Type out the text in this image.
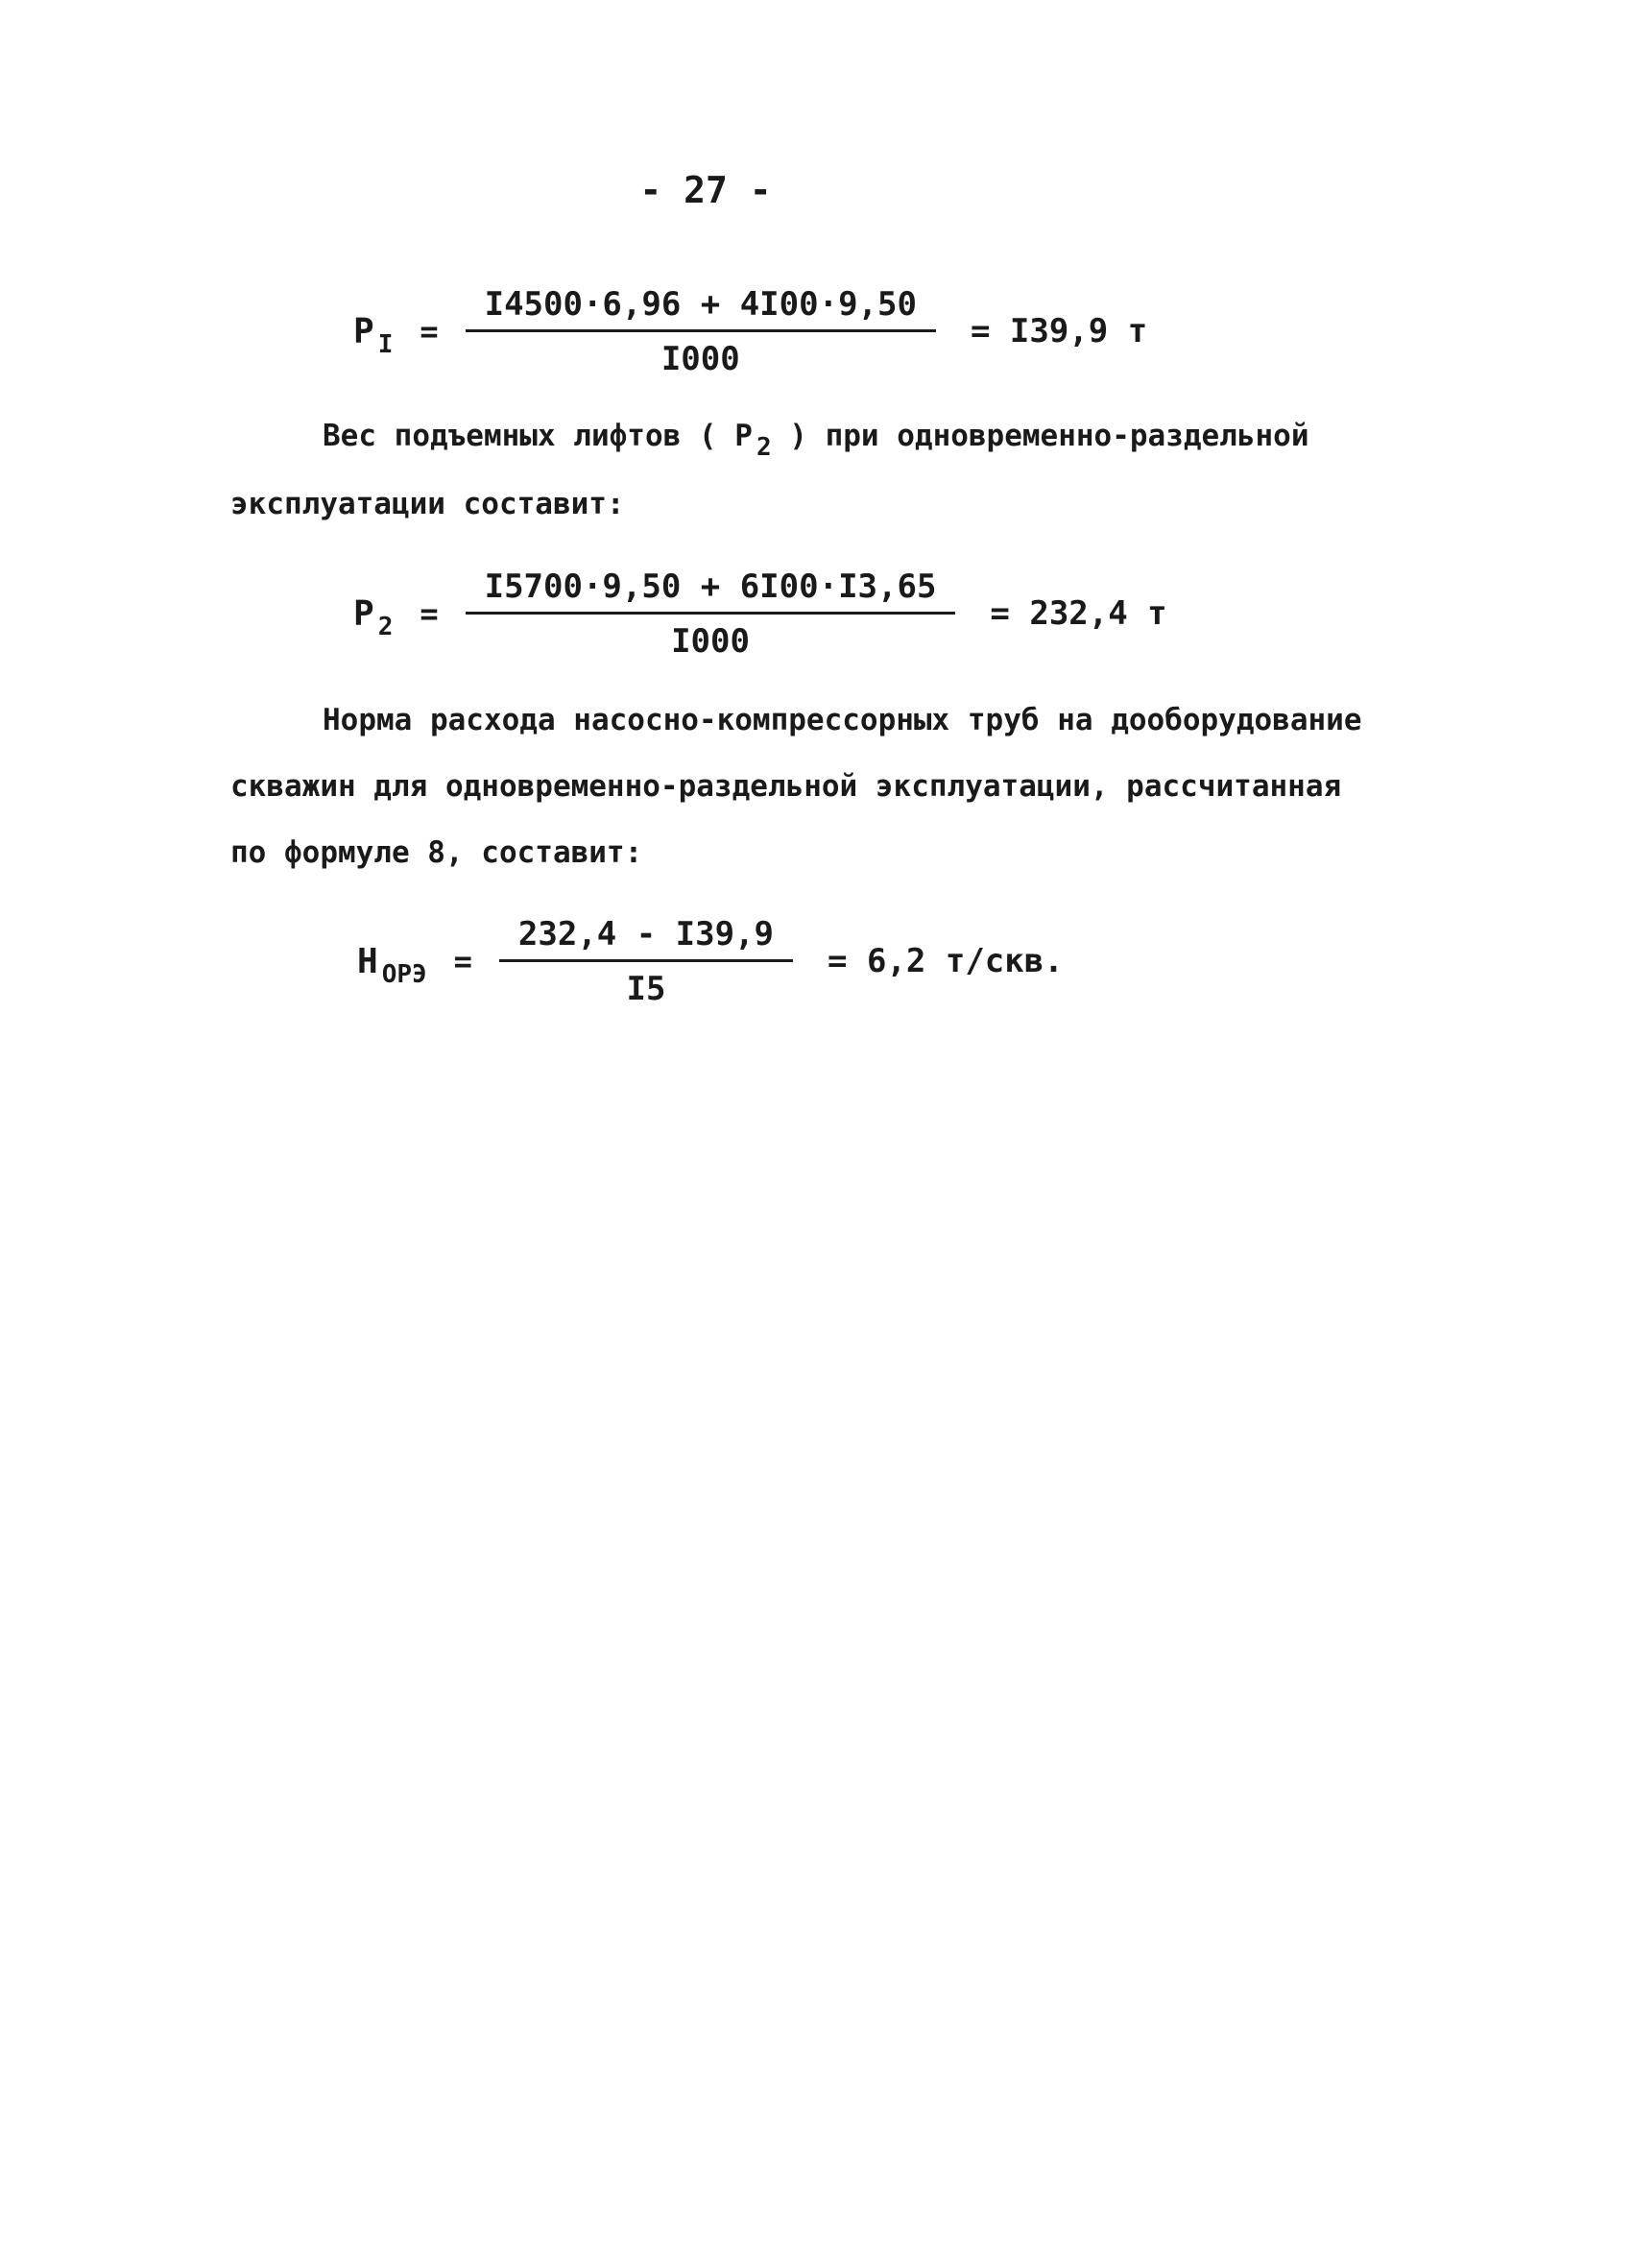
- 27 -
P $I = \frac{I4500\cdot 6,96 + 4I00\cdot 9,50}{I000} = I39,9$ т

Вес подъемных лифтов ( Р $_2$ ) при одновременно-раздельной
эксплуатации составит:

P $2 = \frac{I5700\cdot 9,50 + 6I00\cdot I3,65}{I000} = 232,4$ т

Норма расхода насосно-компрессорных труб на дооборудование
скважин для одновременно-раздельной эксплуатации, рассчитанная
по формуле 8, составит:

Н ОРЭ = $\frac{232,4 - I39,9}{I5} = 6,2$ т/скв.
